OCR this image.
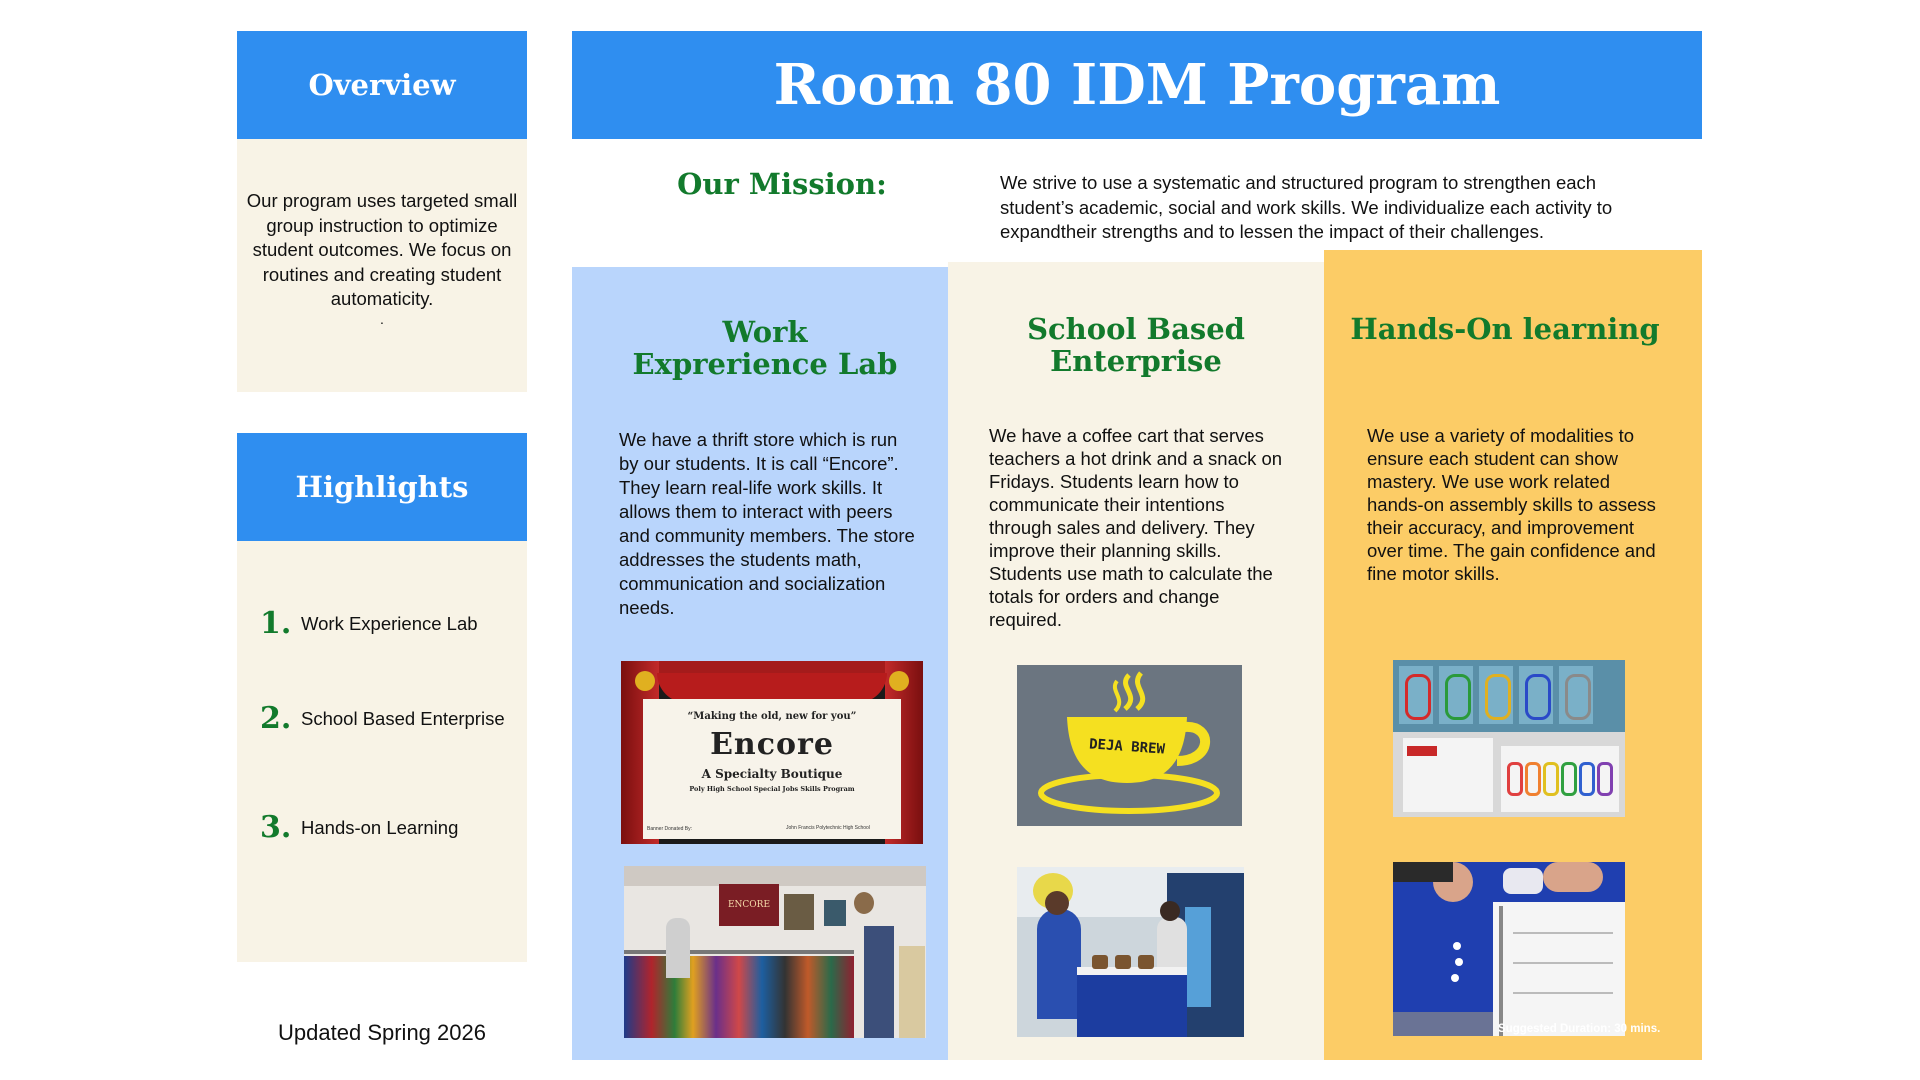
Overview
Our program uses targeted small group instruction to optimize student outcomes. We focus on routines and creating student automaticity.
.
Highlights
1. Work Experience Lab
2. School Based Enterprise
3. Hands-on Learning
Updated Spring 2026
Room 80 IDM Program
Our Mission:	We strive to use a systematic and structured program to strengthen each student’s academic, social and work skills. We individualize each activity to expandtheir strengths and to lessen the impact of their challenges.
Work Exprerience Lab
We have a thrift store which is run by our students. It is call “Encore”. They learn real-life work skills. It allows them to interact with peers and community members. The store addresses the students math, communication and socialization needs.
“Making the old, new for you”
Encore
A Specialty Boutique
Poly High School Special Jobs Skills Program
Banner Donated By:	John Francis Polytechnic High School
ENCORE
School Based Enterprise
We have a coffee cart that serves teachers a hot drink and a snack on Fridays. Students learn how to communicate their intentions through sales and delivery. They improve their planning skills. Students use math to calculate the totals for orders and change required.
DEJA BREW
Hands-On learning
We use a variety of modalities to ensure each student can show mastery. We use work related hands-on assembly skills to assess their accuracy, and improvement over time. The gain confidence and fine motor skills.
Suggested Duration: 30 mins.
